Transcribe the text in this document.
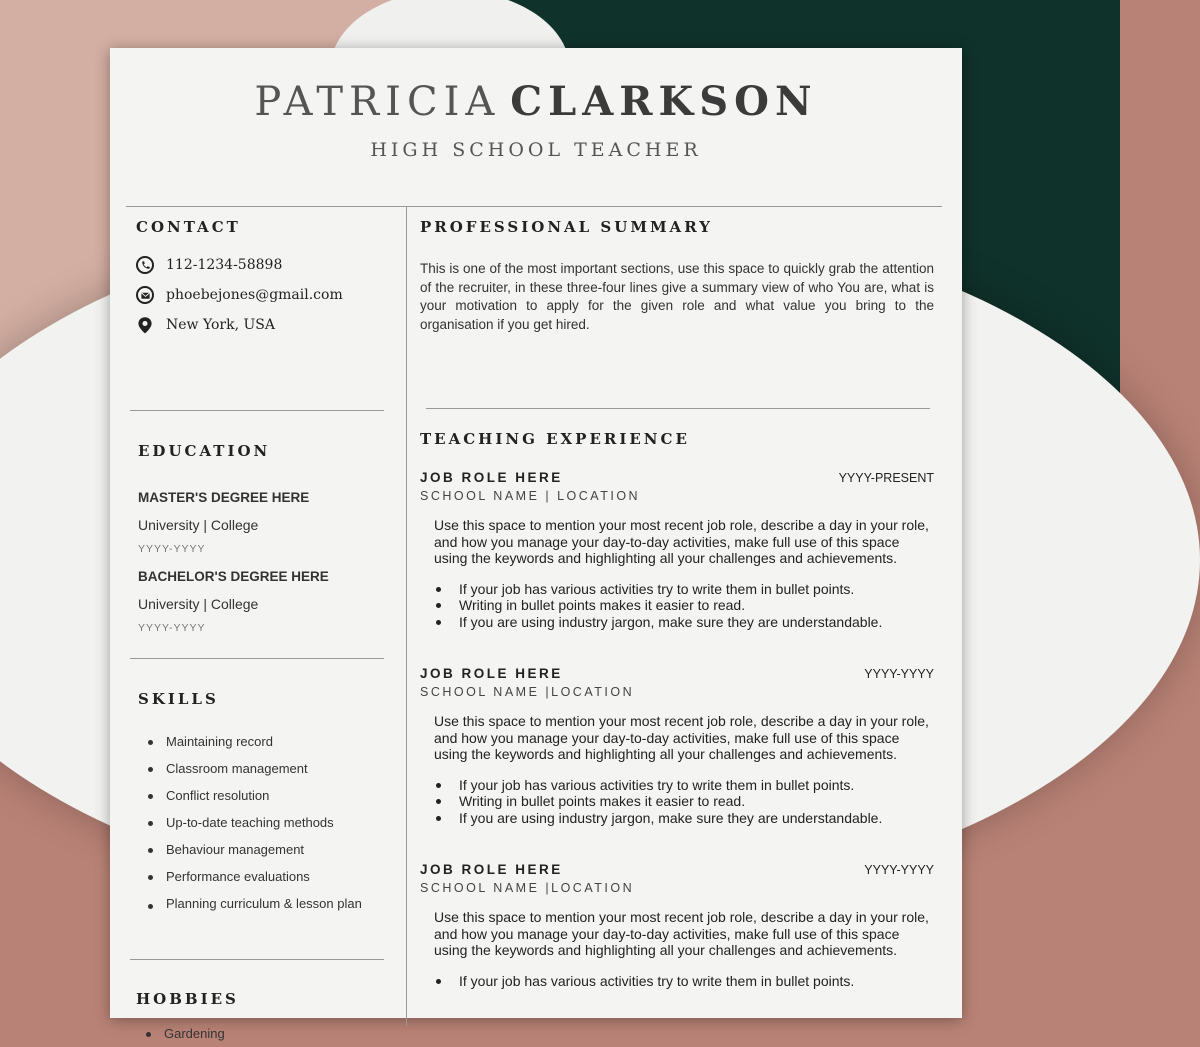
PATRICIA CLARKSON
HIGH SCHOOL TEACHER
CONTACT
112-1234-58898
phoebejones@gmail.com
New York, USA
EDUCATION
MASTER'S DEGREE HERE
University | College
YYYY-YYYY
BACHELOR'S DEGREE HERE
University | College
YYYY-YYYY
SKILLS
Maintaining record
Classroom management
Conflict resolution
Up-to-date teaching methods
Behaviour management
Performance evaluations
Planning curriculum & lesson plan
HOBBIES
Gardening
PROFESSIONAL SUMMARY
This is one of the most important sections, use this space to quickly grab the attention of the recruiter, in these three-four lines give a summary view of who You are, what is your motivation to apply for the given role and what value you bring to the organisation if you get hired.
TEACHING EXPERIENCE
JOB ROLE HERE	YYYY-PRESENT
SCHOOL NAME | LOCATION
Use this space to mention your most recent job role, describe a day in your role, and how you manage your day-to-day activities, make full use of this space using the keywords and highlighting all your challenges and achievements.
If your job has various activities try to write them in bullet points.
Writing in bullet points makes it easier to read.
If you are using industry jargon, make sure they are understandable.
JOB ROLE HERE	YYYY-YYYY
SCHOOL NAME |LOCATION
Use this space to mention your most recent job role, describe a day in your role, and how you manage your day-to-day activities, make full use of this space using the keywords and highlighting all your challenges and achievements.
If your job has various activities try to write them in bullet points.
Writing in bullet points makes it easier to read.
If you are using industry jargon, make sure they are understandable.
JOB ROLE HERE	YYYY-YYYY
SCHOOL NAME |LOCATION
Use this space to mention your most recent job role, describe a day in your role, and how you manage your day-to-day activities, make full use of this space using the keywords and highlighting all your challenges and achievements.
If your job has various activities try to write them in bullet points.
